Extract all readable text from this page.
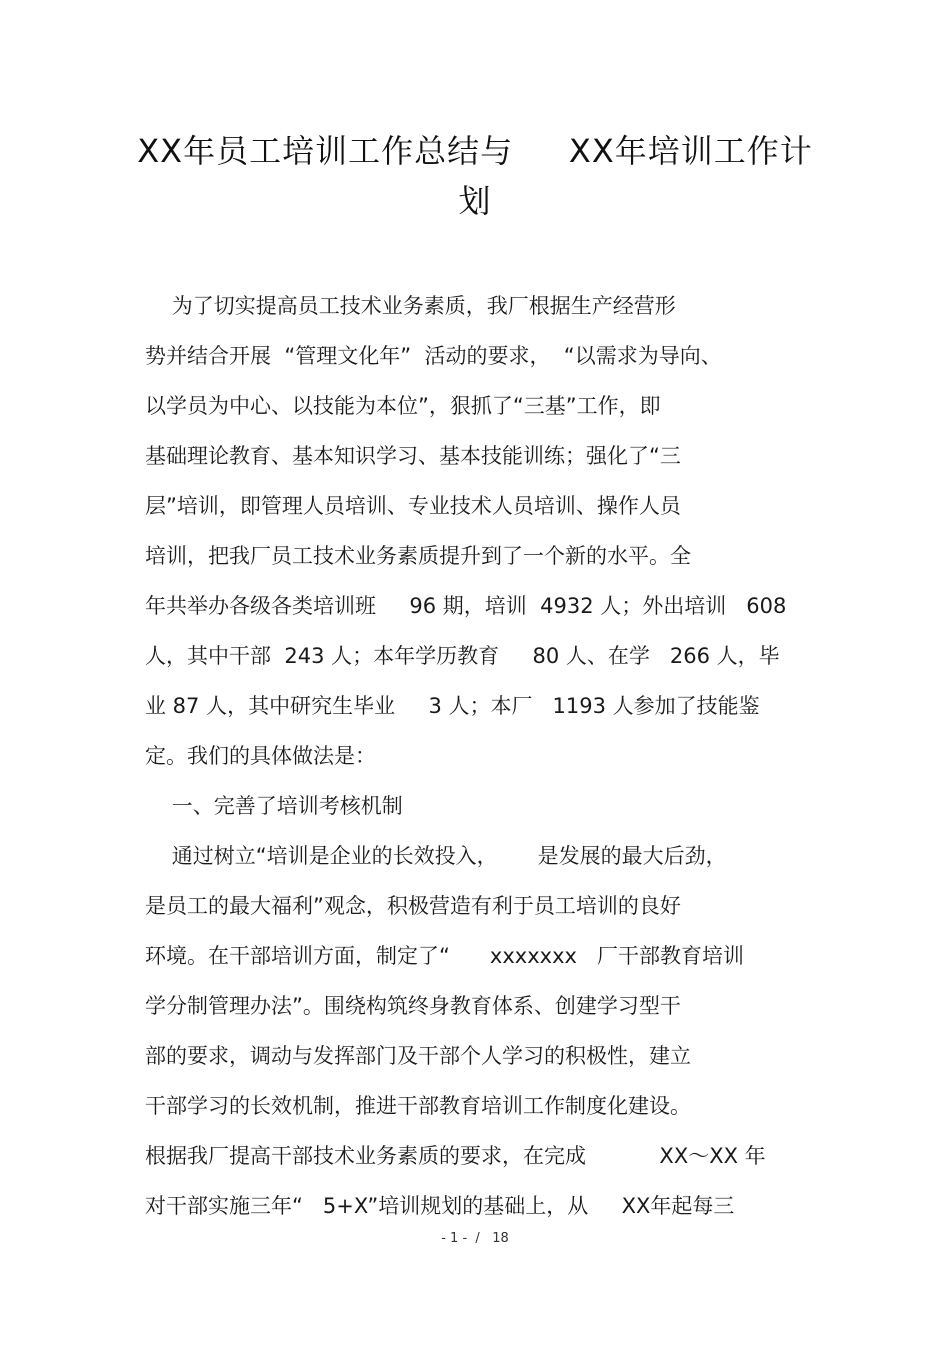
XX年员工培训工作总结与     XX年培训工作计
划
为了切实提高员工技术业务素质，我厂根据生产经营形
势并结合开展  “管理文化年”  活动的要求，  “以需求为导向、
以学员为中心、以技能为本位”，狠抓了“三基”工作，即
基础理论教育、基本知识学习、基本技能训练；强化了“三
层”培训，即管理人员培训、专业技术人员培训、操作人员
培训，把我厂员工技术业务素质提升到了一个新的水平。全
年共举办各级各类培训班     96 期，培训  4932 人；外出培训   608
人，其中干部  243 人；本年学历教育     80 人、在学   266 人，毕
业 87 人，其中研究生毕业     3 人；本厂   1193 人参加了技能鉴
定。我们的具体做法是：
一、完善了培训考核机制
通过树立“培训是企业的长效投入，      是发展的最大后劲，
是员工的最大福利”观念，积极营造有利于员工培训的良好
环境。在干部培训方面，制定了“      xxxxxxx   厂干部教育培训
学分制管理办法”。围绕构筑终身教育体系、创建学习型干
部的要求，调动与发挥部门及干部个人学习的积极性，建立
干部学习的长效机制，推进干部教育培训工作制度化建设。
根据我厂提高干部技术业务素质的要求，在完成           XX～XX 年
对干部实施三年“   5+X”培训规划的基础上，从     XX年起每三
- 1 -  /   18
